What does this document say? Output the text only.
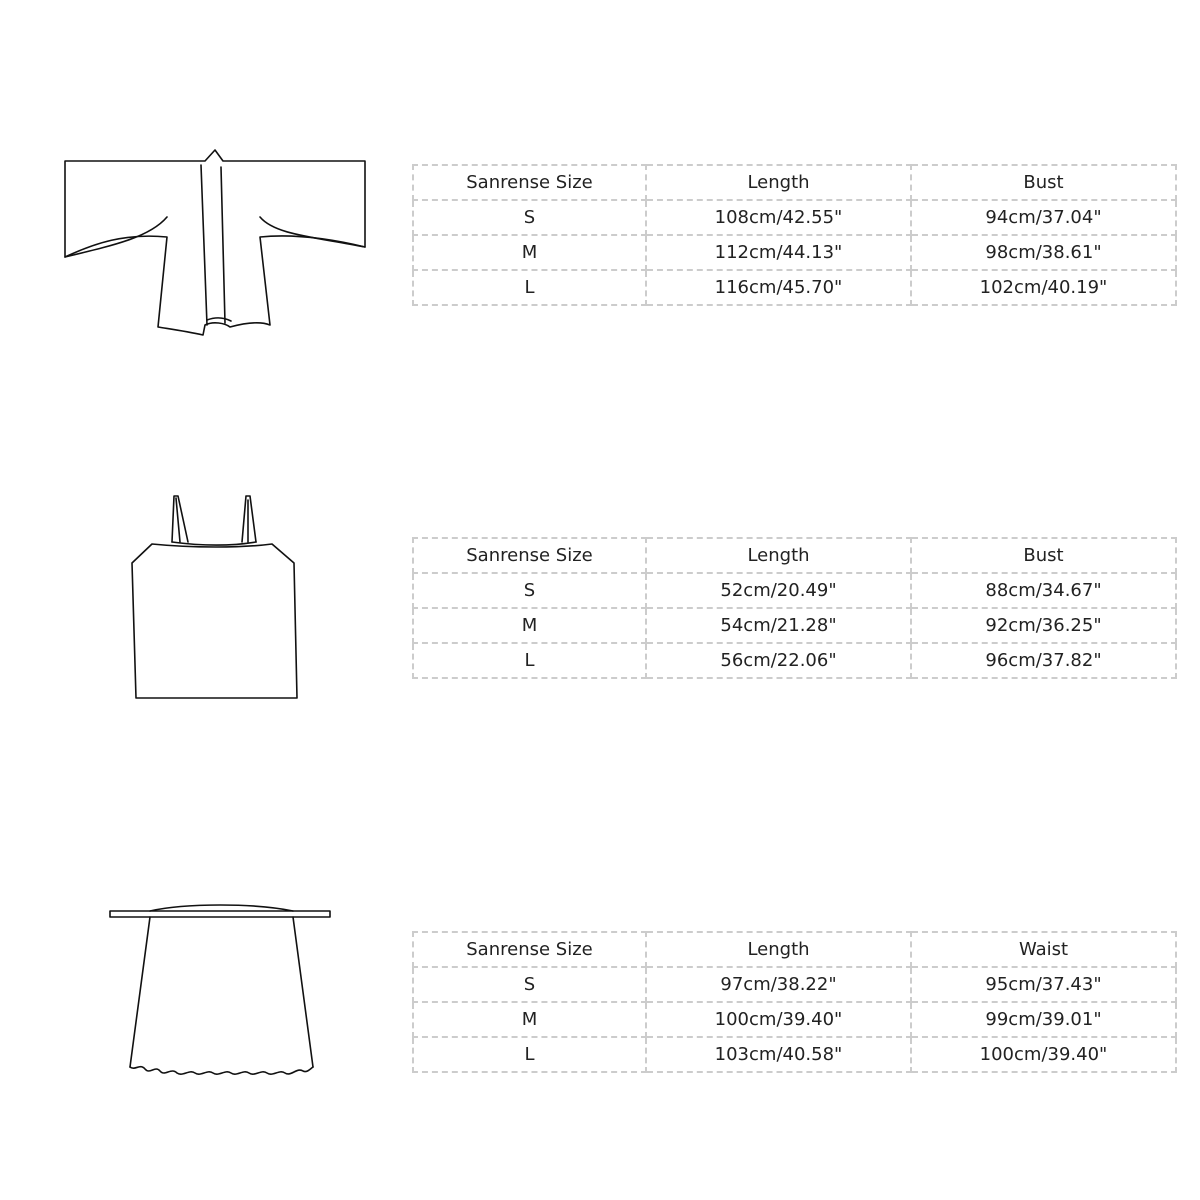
Sanrense Size	Length	Bust
S	108cm/42.55"	94cm/37.04"
M	112cm/44.13"	98cm/38.61"
L	116cm/45.70"	102cm/40.19"
Sanrense Size	Length	Bust
S	52cm/20.49"	88cm/34.67"
M	54cm/21.28"	92cm/36.25"
L	56cm/22.06"	96cm/37.82"
Sanrense Size	Length	Waist
S	97cm/38.22"	95cm/37.43"
M	100cm/39.40"	99cm/39.01"
L	103cm/40.58"	100cm/39.40"
